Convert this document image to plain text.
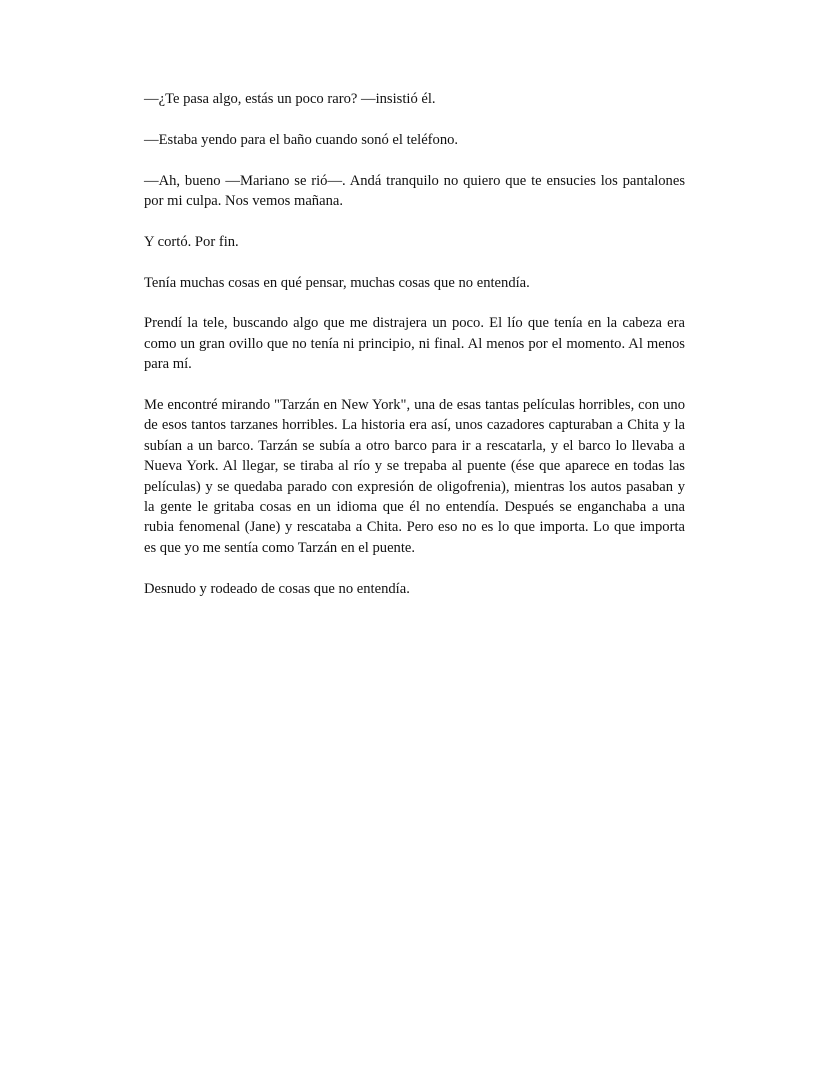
—¿Te pasa algo, estás un poco raro? —insistió él.

—Estaba yendo para el baño cuando sonó el teléfono.

—Ah, bueno —Mariano se rió—. Andá tranquilo no quiero que te ensucies los pantalones por mi culpa. Nos vemos mañana.

Y cortó. Por fin.

Tenía muchas cosas en qué pensar, muchas cosas que no entendía.

Prendí la tele, buscando algo que me distrajera un poco. El lío que tenía en la cabeza era como un gran ovillo que no tenía ni principio, ni final. Al menos por el momento. Al menos para mí.

Me encontré mirando "Tarzán en New York", una de esas tantas películas horribles, con uno de esos tantos tarzanes horribles. La historia era así, unos cazadores capturaban a Chita y la subían a un barco. Tarzán se subía a otro barco para ir a rescatarla, y el barco lo llevaba a Nueva York. Al llegar, se tiraba al río y se trepaba al puente (ése que aparece en todas las películas) y se quedaba parado con expresión de oligofrenia), mientras los autos pasaban y la gente le gritaba cosas en un idioma que él no entendía. Después se enganchaba a una rubia fenomenal (Jane) y rescataba a Chita. Pero eso no es lo que importa. Lo que importa es que yo me sentía como Tarzán en el puente.

Desnudo y rodeado de cosas que no entendía.
